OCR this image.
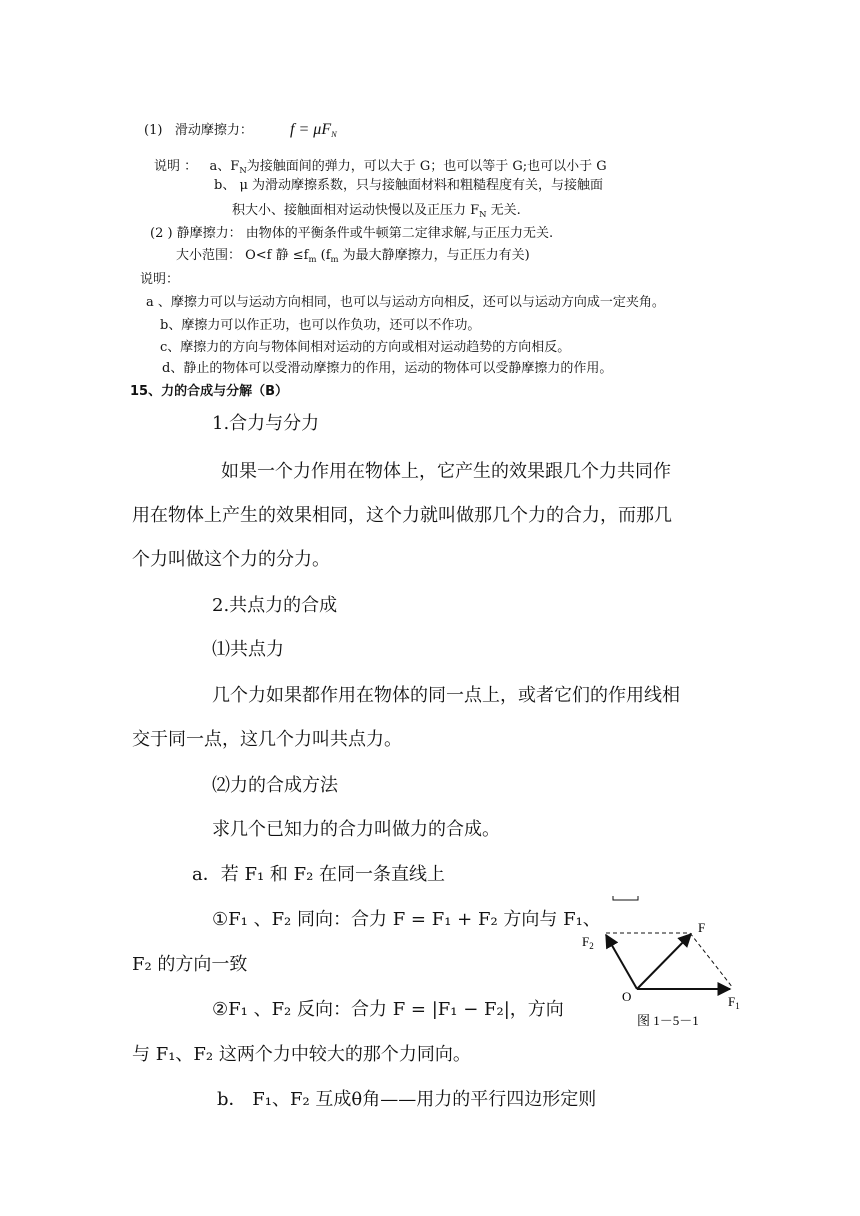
(1) 滑动摩擦力： $f = \mu F_N$
说明 ： a、$F_N$为接触面间的弹力，可以大于 G；也可以等于 G;也可以小于 G
b、 μ 为滑动摩擦系数，只与接触面材料和粗糙程度有关，与接触面
积大小、接触面相对运动快慢以及正压力 $F_N$ 无关.
(2 ) 静摩擦力： 由物体的平衡条件或牛顿第二定律求解,与正压力无关.
大小范围： O<f 静 $\le f_m$ ($f_m$ 为最大静摩擦力，与正压力有关)
说明：
a 、摩擦力可以与运动方向相同，也可以与运动方向相反，还可以与运动方向成一定夹角。
b、摩擦力可以作正功，也可以作负功，还可以不作功。
c、摩擦力的方向与物体间相对运动的方向或相对运动趋势的方向相反。
d、静止的物体可以受滑动摩擦力的作用，运动的物体可以受静摩擦力的作用。
15、力的合成与分解（B）
1.合力与分力
如果一个力作用在物体上，它产生的效果跟几个力共同作
用在物体上产生的效果相同，这个力就叫做那几个力的合力，而那几
个力叫做这个力的分力。
2.共点力的合成
⑴共点力
几个力如果都作用在物体的同一点上，或者它们的作用线相
交于同一点，这几个力叫共点力。
⑵力的合成方法
求几个已知力的合力叫做力的合成。
a．若 F₁ 和 F₂ 在同一条直线上
①F₁ 、F₂ 同向：合力 F = F₁ + F₂ 方向与 F₁、
F₂ 的方向一致
②F₁ 、F₂ 反向：合力 F = |F₁ − F₂|，方向
与 F₁、F₂ 这两个力中较大的那个力同向。
b． F₁、F₂ 互成θ角——用力的平行四边形定则
$F_2$
F
O	$F_1$
图 1－5－1
